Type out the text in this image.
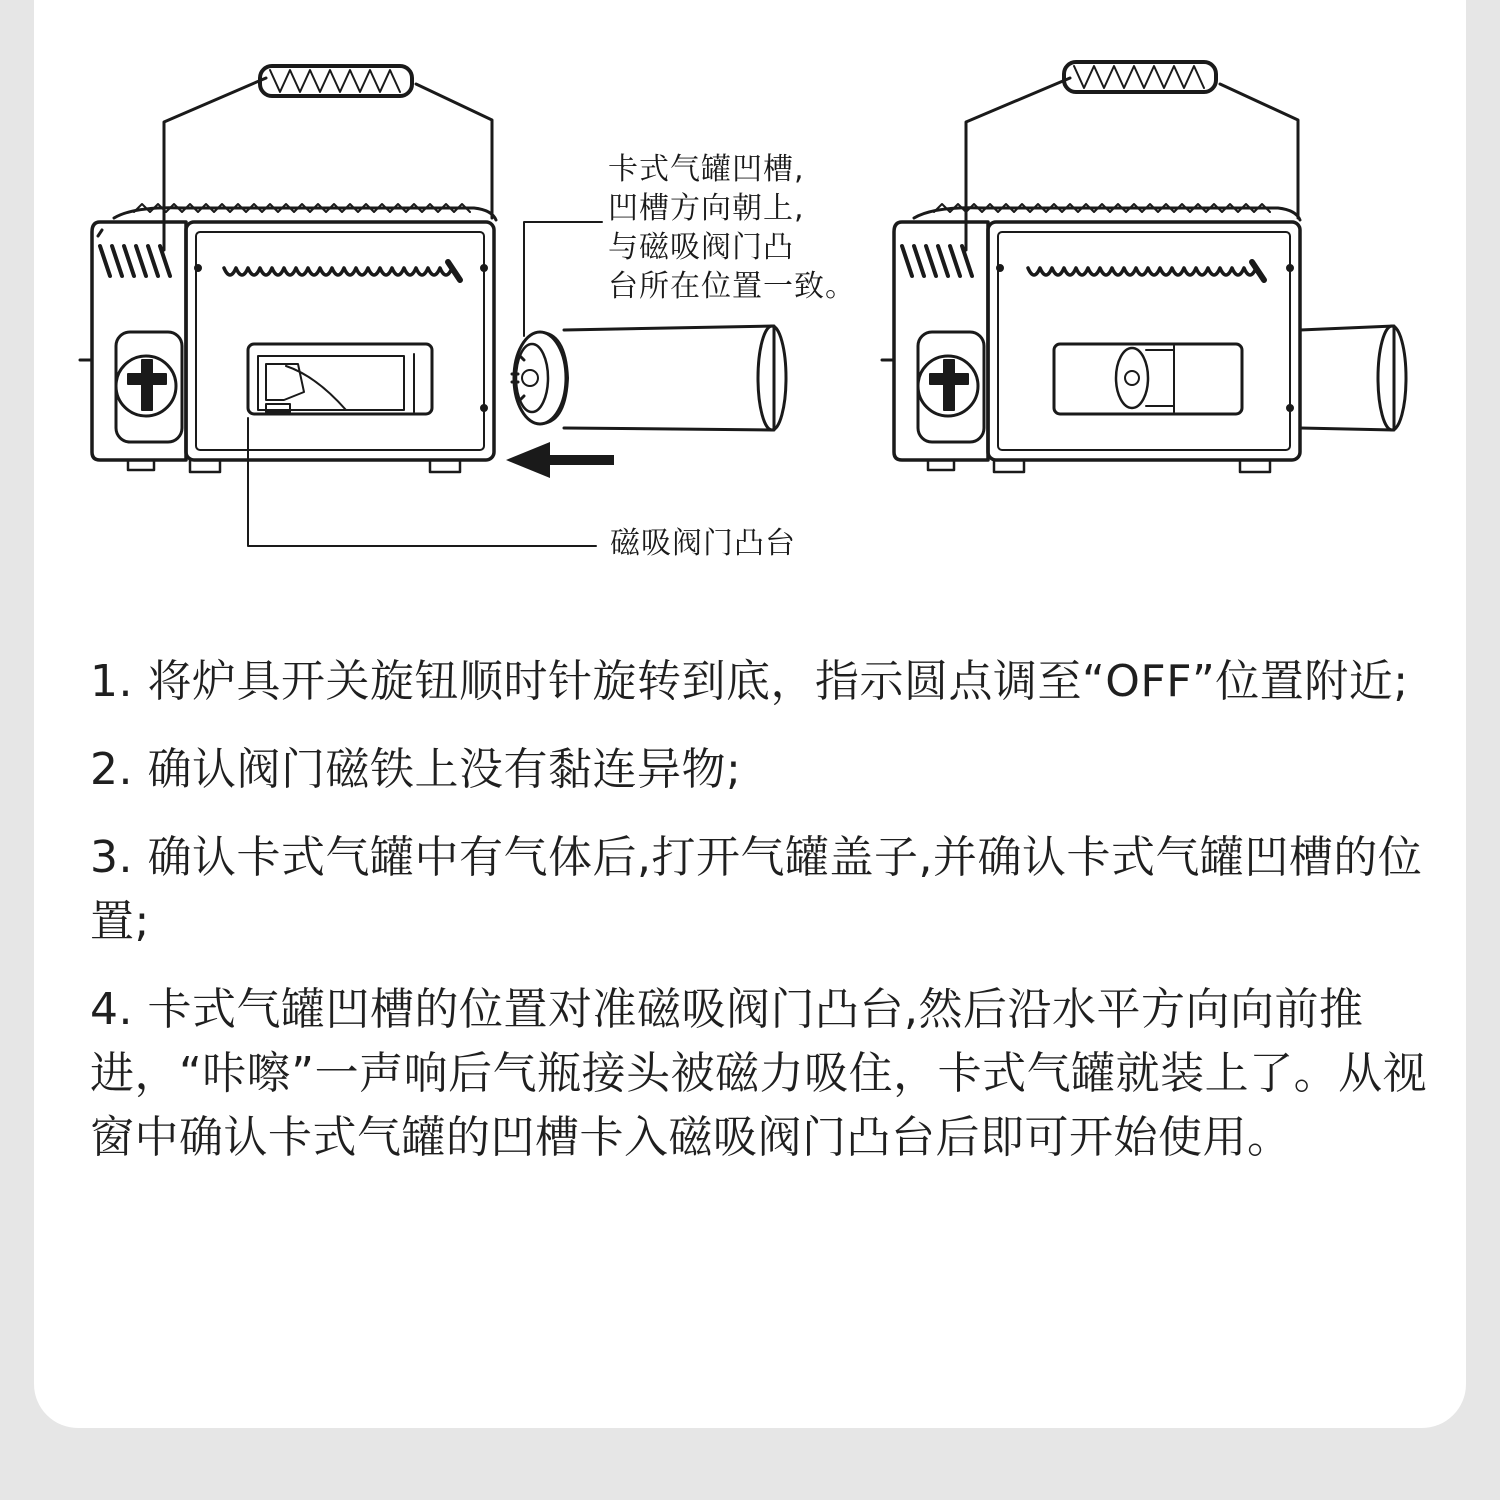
卡式气罐凹槽,
凹槽方向朝上,
与磁吸阀门凸
台所在位置一致。
磁吸阀门凸台

1. 将炉具开关旋钮顺时针旋转到底，指示圆点调至“OFF”位置附近;

2. 确认阀门磁铁上没有黏连异物;

3. 确认卡式气罐中有气体后,打开气罐盖子,并确认卡式气罐凹槽的位置;

4. 卡式气罐凹槽的位置对准磁吸阀门凸台,然后沿水平方向向前推进，“咔嚓”一声响后气瓶接头被磁力吸住，卡式气罐就装上了。从视窗中确认卡式气罐的凹槽卡入磁吸阀门凸台后即可开始使用。
